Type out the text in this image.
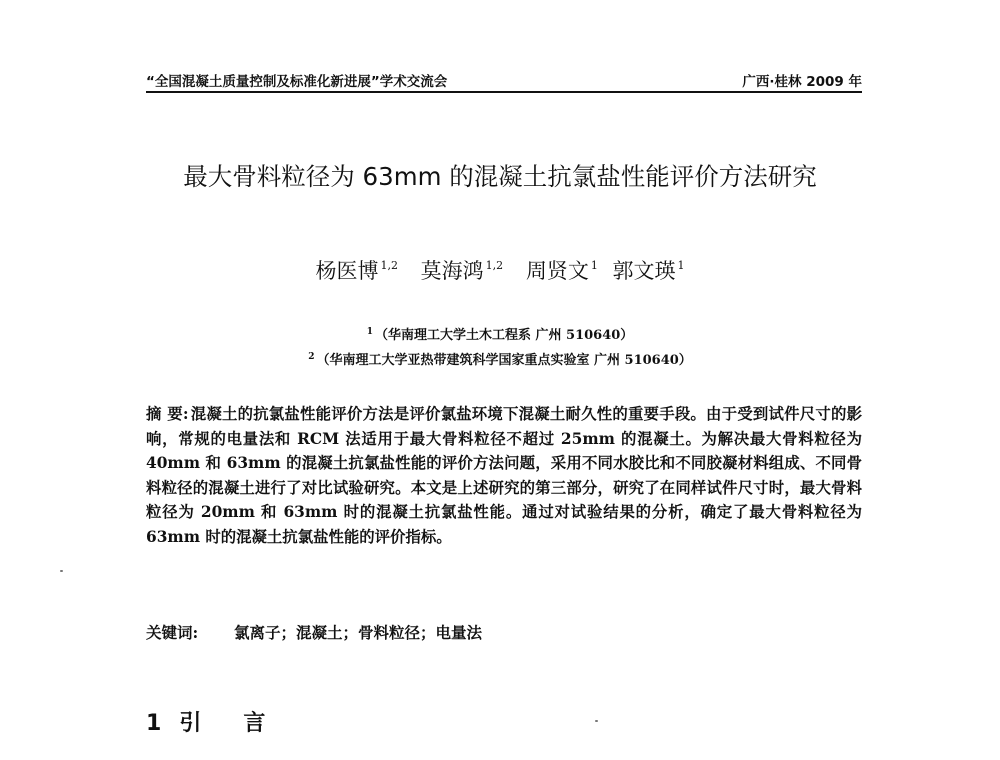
“全国混凝土质量控制及标准化新进展”学术交流会	广西·桂林 2009 年
最大骨料粒径为 63mm 的混凝土抗氯盐性能评价方法研究
杨医博 $^{1,2}$ 莫海鸿 $^{1,2}$ 周贤文 $^1$ 郭文瑛 $^1$
$^1$ （华南理工大学土木工程系 广州 510640）
$^2$ （华南理工大学亚热带建筑科学国家重点实验室 广州 510640）
摘 要: 混凝土的抗氯盐性能评价方法是评价氯盐环境下混凝土耐久性的重要手段。由于受到试件尺寸的影响，常规的电量法和 RCM 法适用于最大骨料粒径不超过 25mm 的混凝土。为解决最大骨料粒径为 40mm 和 63mm 的混凝土抗氯盐性能的评价方法问题，采用不同水胶比和不同胶凝材料组成、不同骨料粒径的混凝土进行了对比试验研究。本文是上述研究的第三部分，研究了在同样试件尺寸时，最大骨料粒径为 20mm 和 63mm 时的混凝土抗氯盐性能。通过对试验结果的分析，确定了最大骨料粒径为 63mm 时的混凝土抗氯盐性能的评价指标。
关键词: 氯离子；混凝土；骨料粒径；电量法
1 引言
